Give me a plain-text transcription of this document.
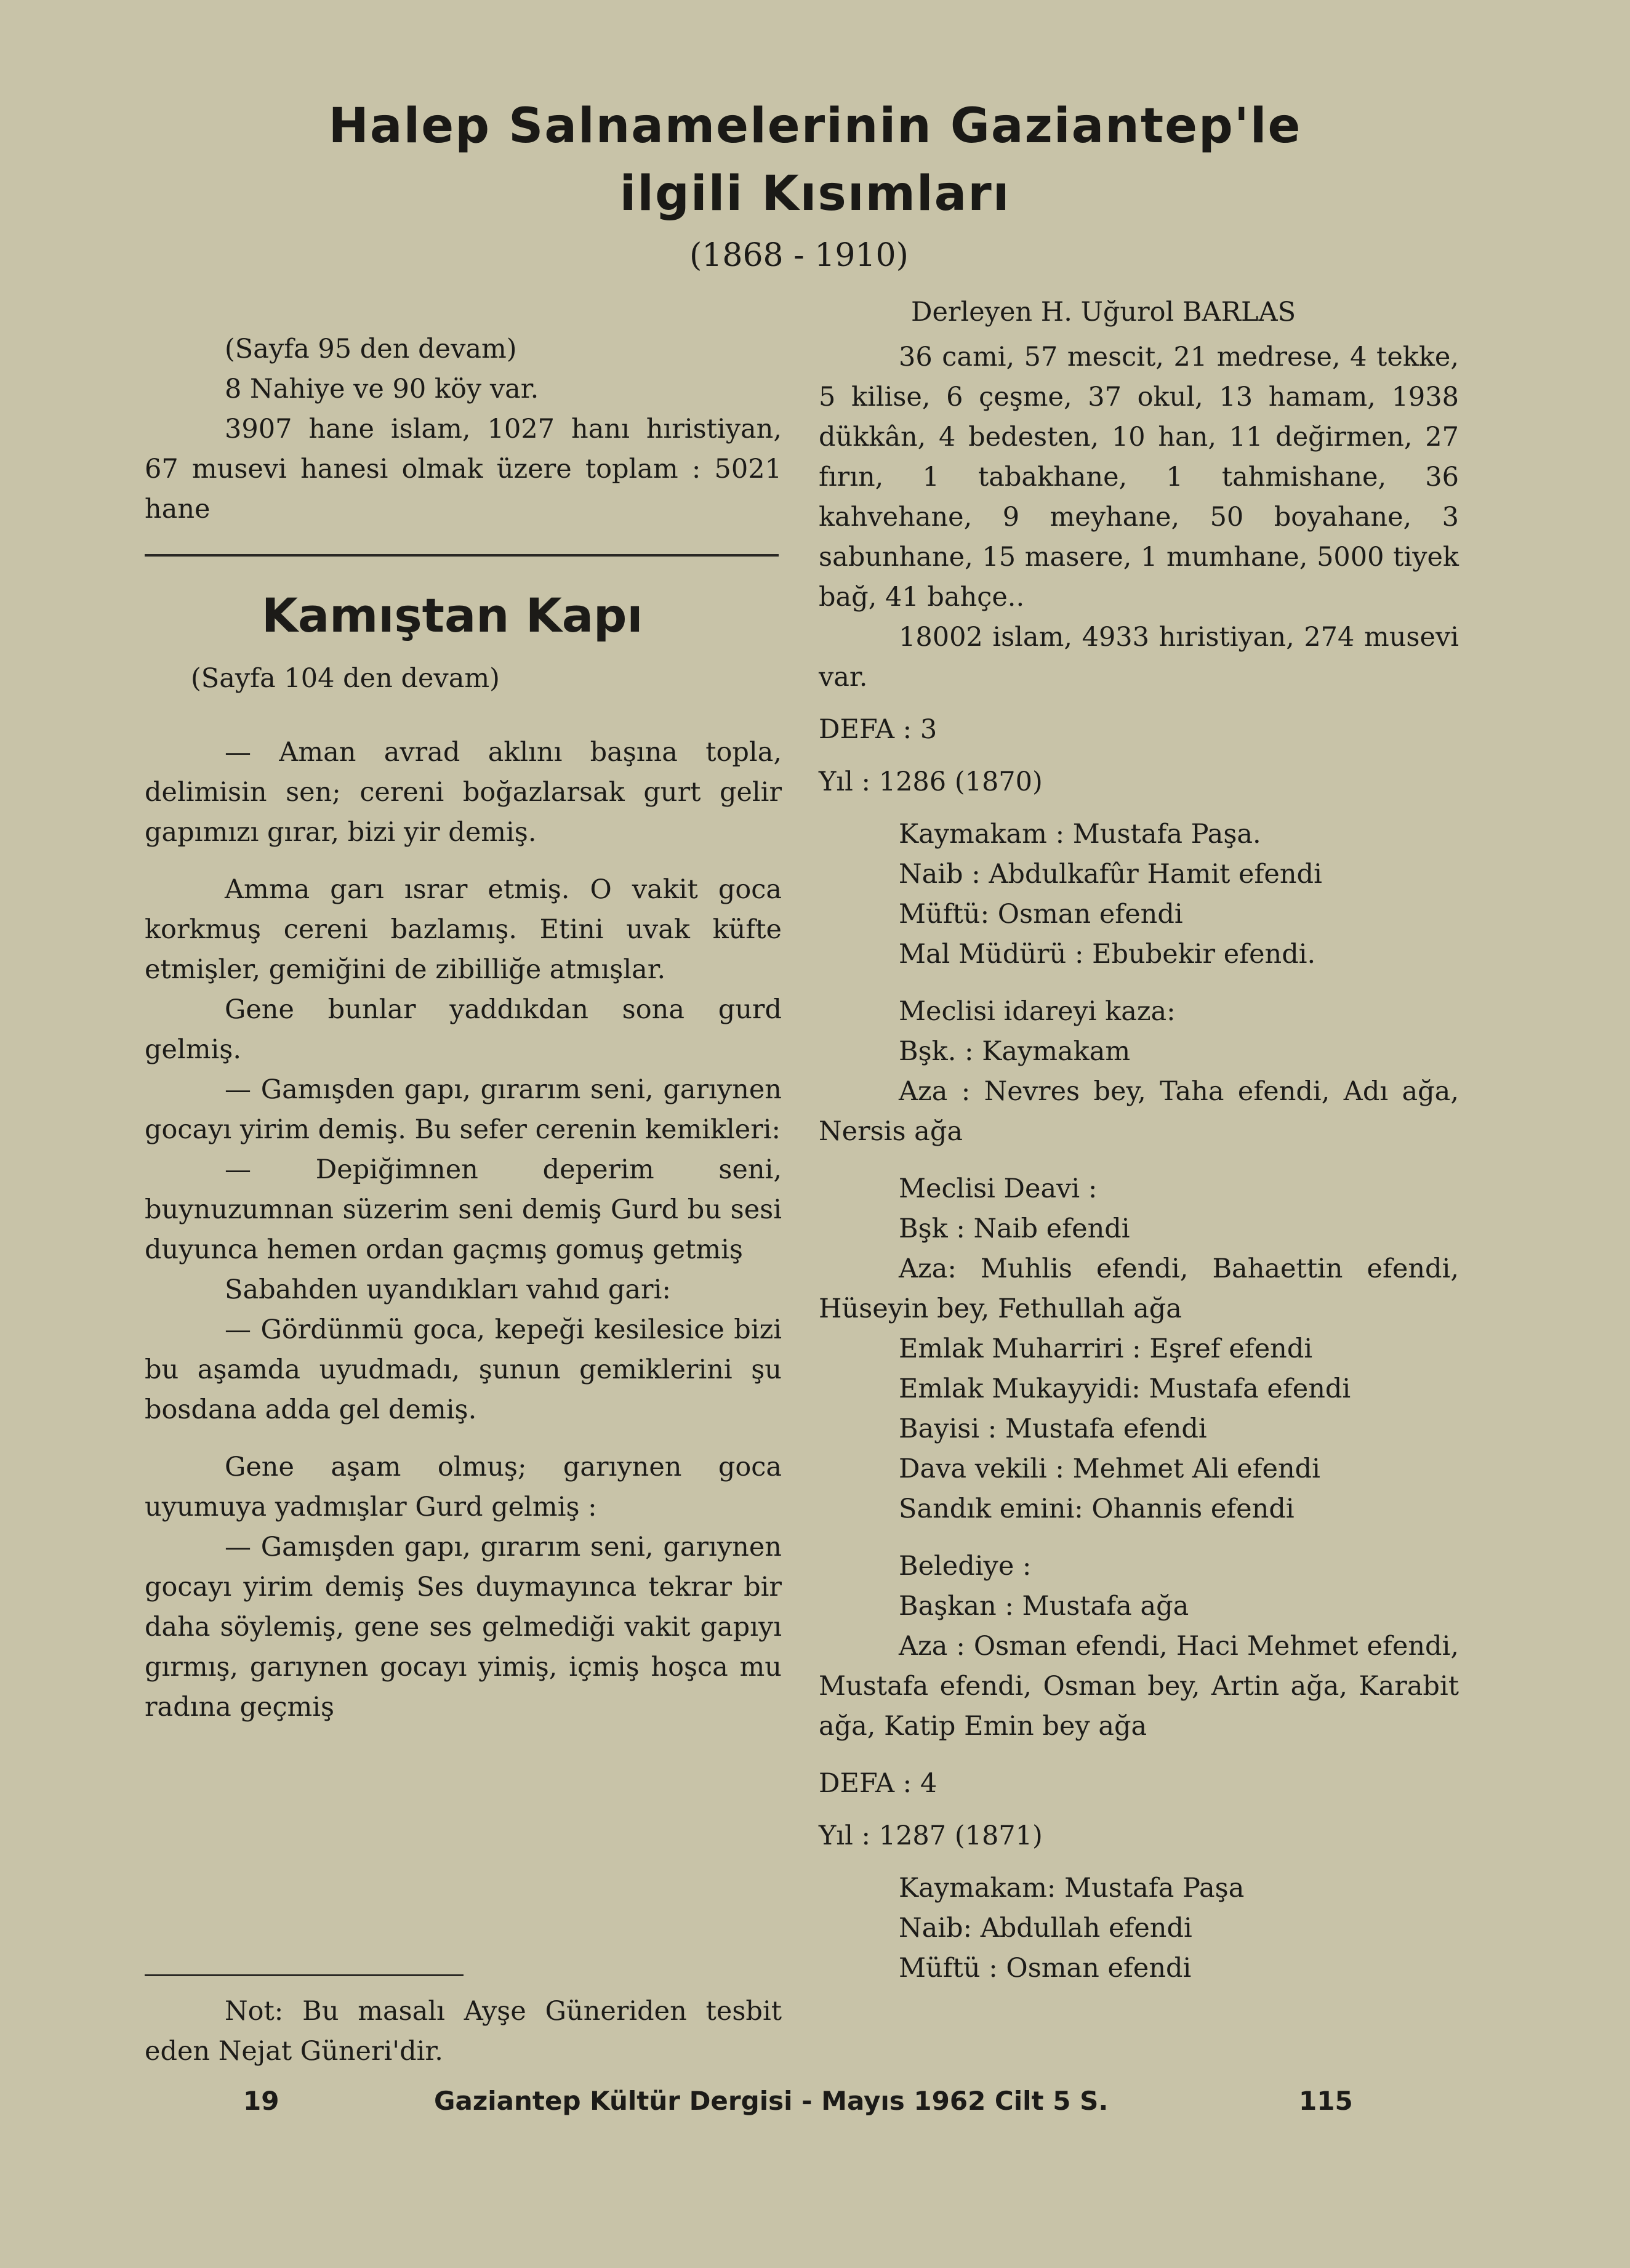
Halep Salnamelerinin Gaziantep'le
ilgili Kısımları
(1868 - 1910)

(Sayfa 95 den devam)

8 Nahiye ve 90 köy var.

3907 hane islam, 1027 hanı hıristiyan, 67 musevi hanesi olmak üzere toplam : 5021 hane

Kamıştan Kapı

(Sayfa 104 den devam)

— Aman avrad aklını başına topla, delimisin sen; cereni boğazlarsak gurt gelir gapımızı gırar, bizi yir demiş.

Amma garı ısrar etmiş. O vakit goca korkmuş cereni bazlamış. Etini uvak küfte etmişler, gemiğini de zibilliğe atmışlar.

Gene bunlar yaddıkdan sona gurd gelmiş.

— Gamışden gapı, gırarım seni, garıynen gocayı yirim demiş. Bu sefer cerenin kemikleri:

— Depiğimnen deperim seni, buynuzumnan süzerim seni demiş Gurd bu sesi duyunca hemen ordan gaçmış gomuş getmiş

Sabahden uyandıkları vahıd gari:

— Gördünmü goca, kepeği kesilesice bizi bu aşamda uyudmadı, şunun gemiklerini şu bosdana adda gel demiş.

Gene aşam olmuş; garıynen goca uyumuya yadmışlar Gurd gelmiş :

— Gamışden gapı, gırarım seni, garıynen gocayı yirim demiş Ses duymayınca tekrar bir daha söylemiş, gene ses gelmediği vakit gapıyı gırmış, garıynen gocayı yimiş, içmiş hoşca mu radına geçmiş

Not: Bu masalı Ayşe Güneriden tesbit eden Nejat Güneri'dir.

Derleyen H. Uğurol BARLAS

36 cami, 57 mescit, 21 medrese, 4 tekke, 5 kilise, 6 çeşme, 37 okul, 13 hamam, 1938 dükkân, 4 bedesten, 10 han, 11 değirmen, 27 fırın, 1 tabakhane, 1 tahmishane, 36 kahvehane, 9 meyhane, 50 boyahane, 3 sabunhane, 15 masere, 1 mumhane, 5000 tiyek bağ, 41 bahçe..

18002 islam, 4933 hıristiyan, 274 musevi var.

DEFA : 3

Yıl : 1286 (1870)

Kaymakam : Mustafa Paşa.

Naib : Abdulkafûr Hamit efendi

Müftü: Osman efendi

Mal Müdürü : Ebubekir efendi.

Meclisi idareyi kaza:

Bşk. : Kaymakam

Aza : Nevres bey, Taha efendi, Adı ağa, Nersis ağa

Meclisi Deavi :

Bşk : Naib efendi

Aza: Muhlis efendi, Bahaettin efendi, Hüseyin bey, Fethullah ağa

Emlak Muharriri : Eşref efendi

Emlak Mukayyidi: Mustafa efendi

Bayisi : Mustafa efendi

Dava vekili : Mehmet Ali efendi

Sandık emini: Ohannis efendi

Belediye :

Başkan : Mustafa ağa

Aza : Osman efendi, Haci Mehmet efendi, Mustafa efendi, Osman bey, Artin ağa, Karabit ağa, Katip Emin bey ağa

DEFA : 4

Yıl : 1287 (1871)

Kaymakam: Mustafa Paşa

Naib: Abdullah efendi

Müftü : Osman efendi

19	Gaziantep Kültür Dergisi - Mayıs 1962 Cilt 5 S.	115
